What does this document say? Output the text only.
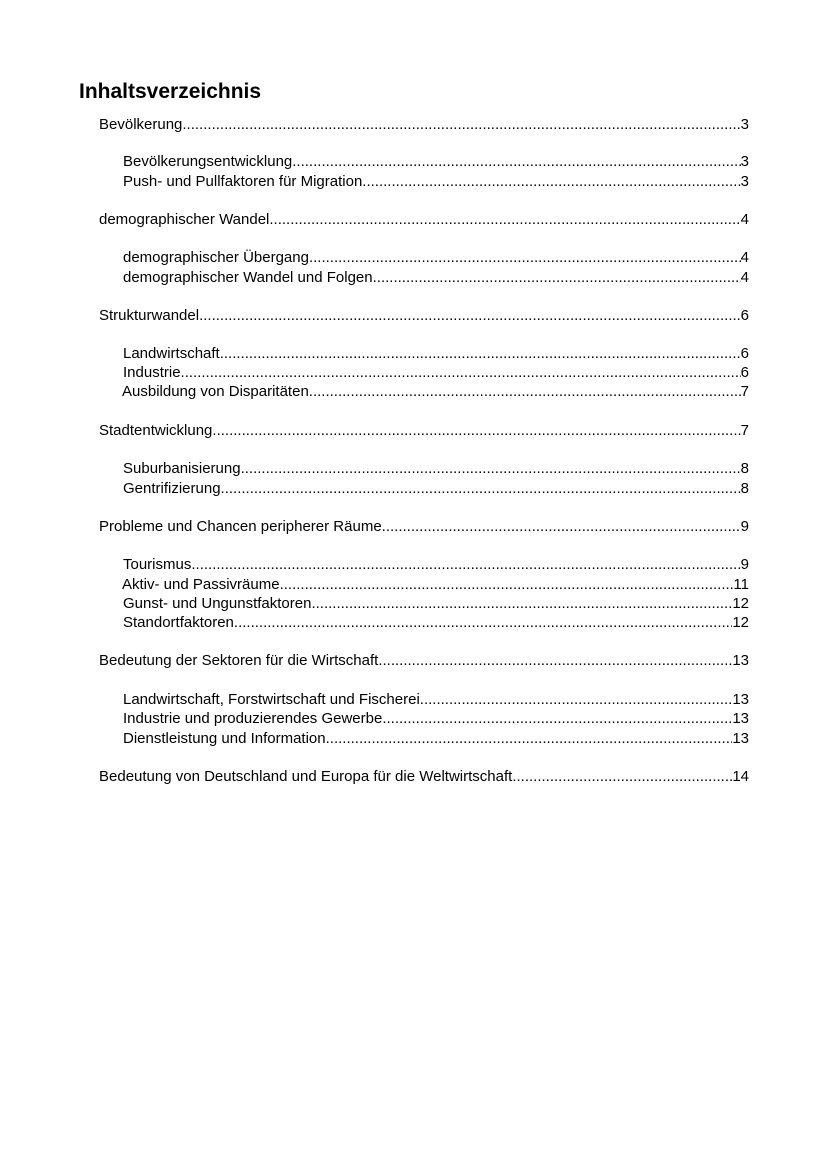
Inhaltsverzeichnis
Bevölkerung .....	3
Bevölkerungsentwicklung .....	3
Push- und Pullfaktoren für Migration .....	3
demographischer Wandel .....	4
demographischer Übergang .....	4
demographischer Wandel und Folgen .....	4
Strukturwandel .....	6
Landwirtschaft .....	6
Industrie .....	6
Ausbildung von Disparitäten .....	7
Stadtentwicklung .....	7
Suburbanisierung .....	8
Gentrifizierung .....	8
Probleme und Chancen peripherer Räume .....	9
Tourismus .....	9
Aktiv- und Passivräume .....	11
Gunst- und Ungunstfaktoren .....	12
Standortfaktoren .....	12
Bedeutung der Sektoren für die Wirtschaft .....	13
Landwirtschaft, Forstwirtschaft und Fischerei .....	13
Industrie und produzierendes Gewerbe .....	13
Dienstleistung und Information .....	13
Bedeutung von Deutschland und Europa für die Weltwirtschaft .....	14
